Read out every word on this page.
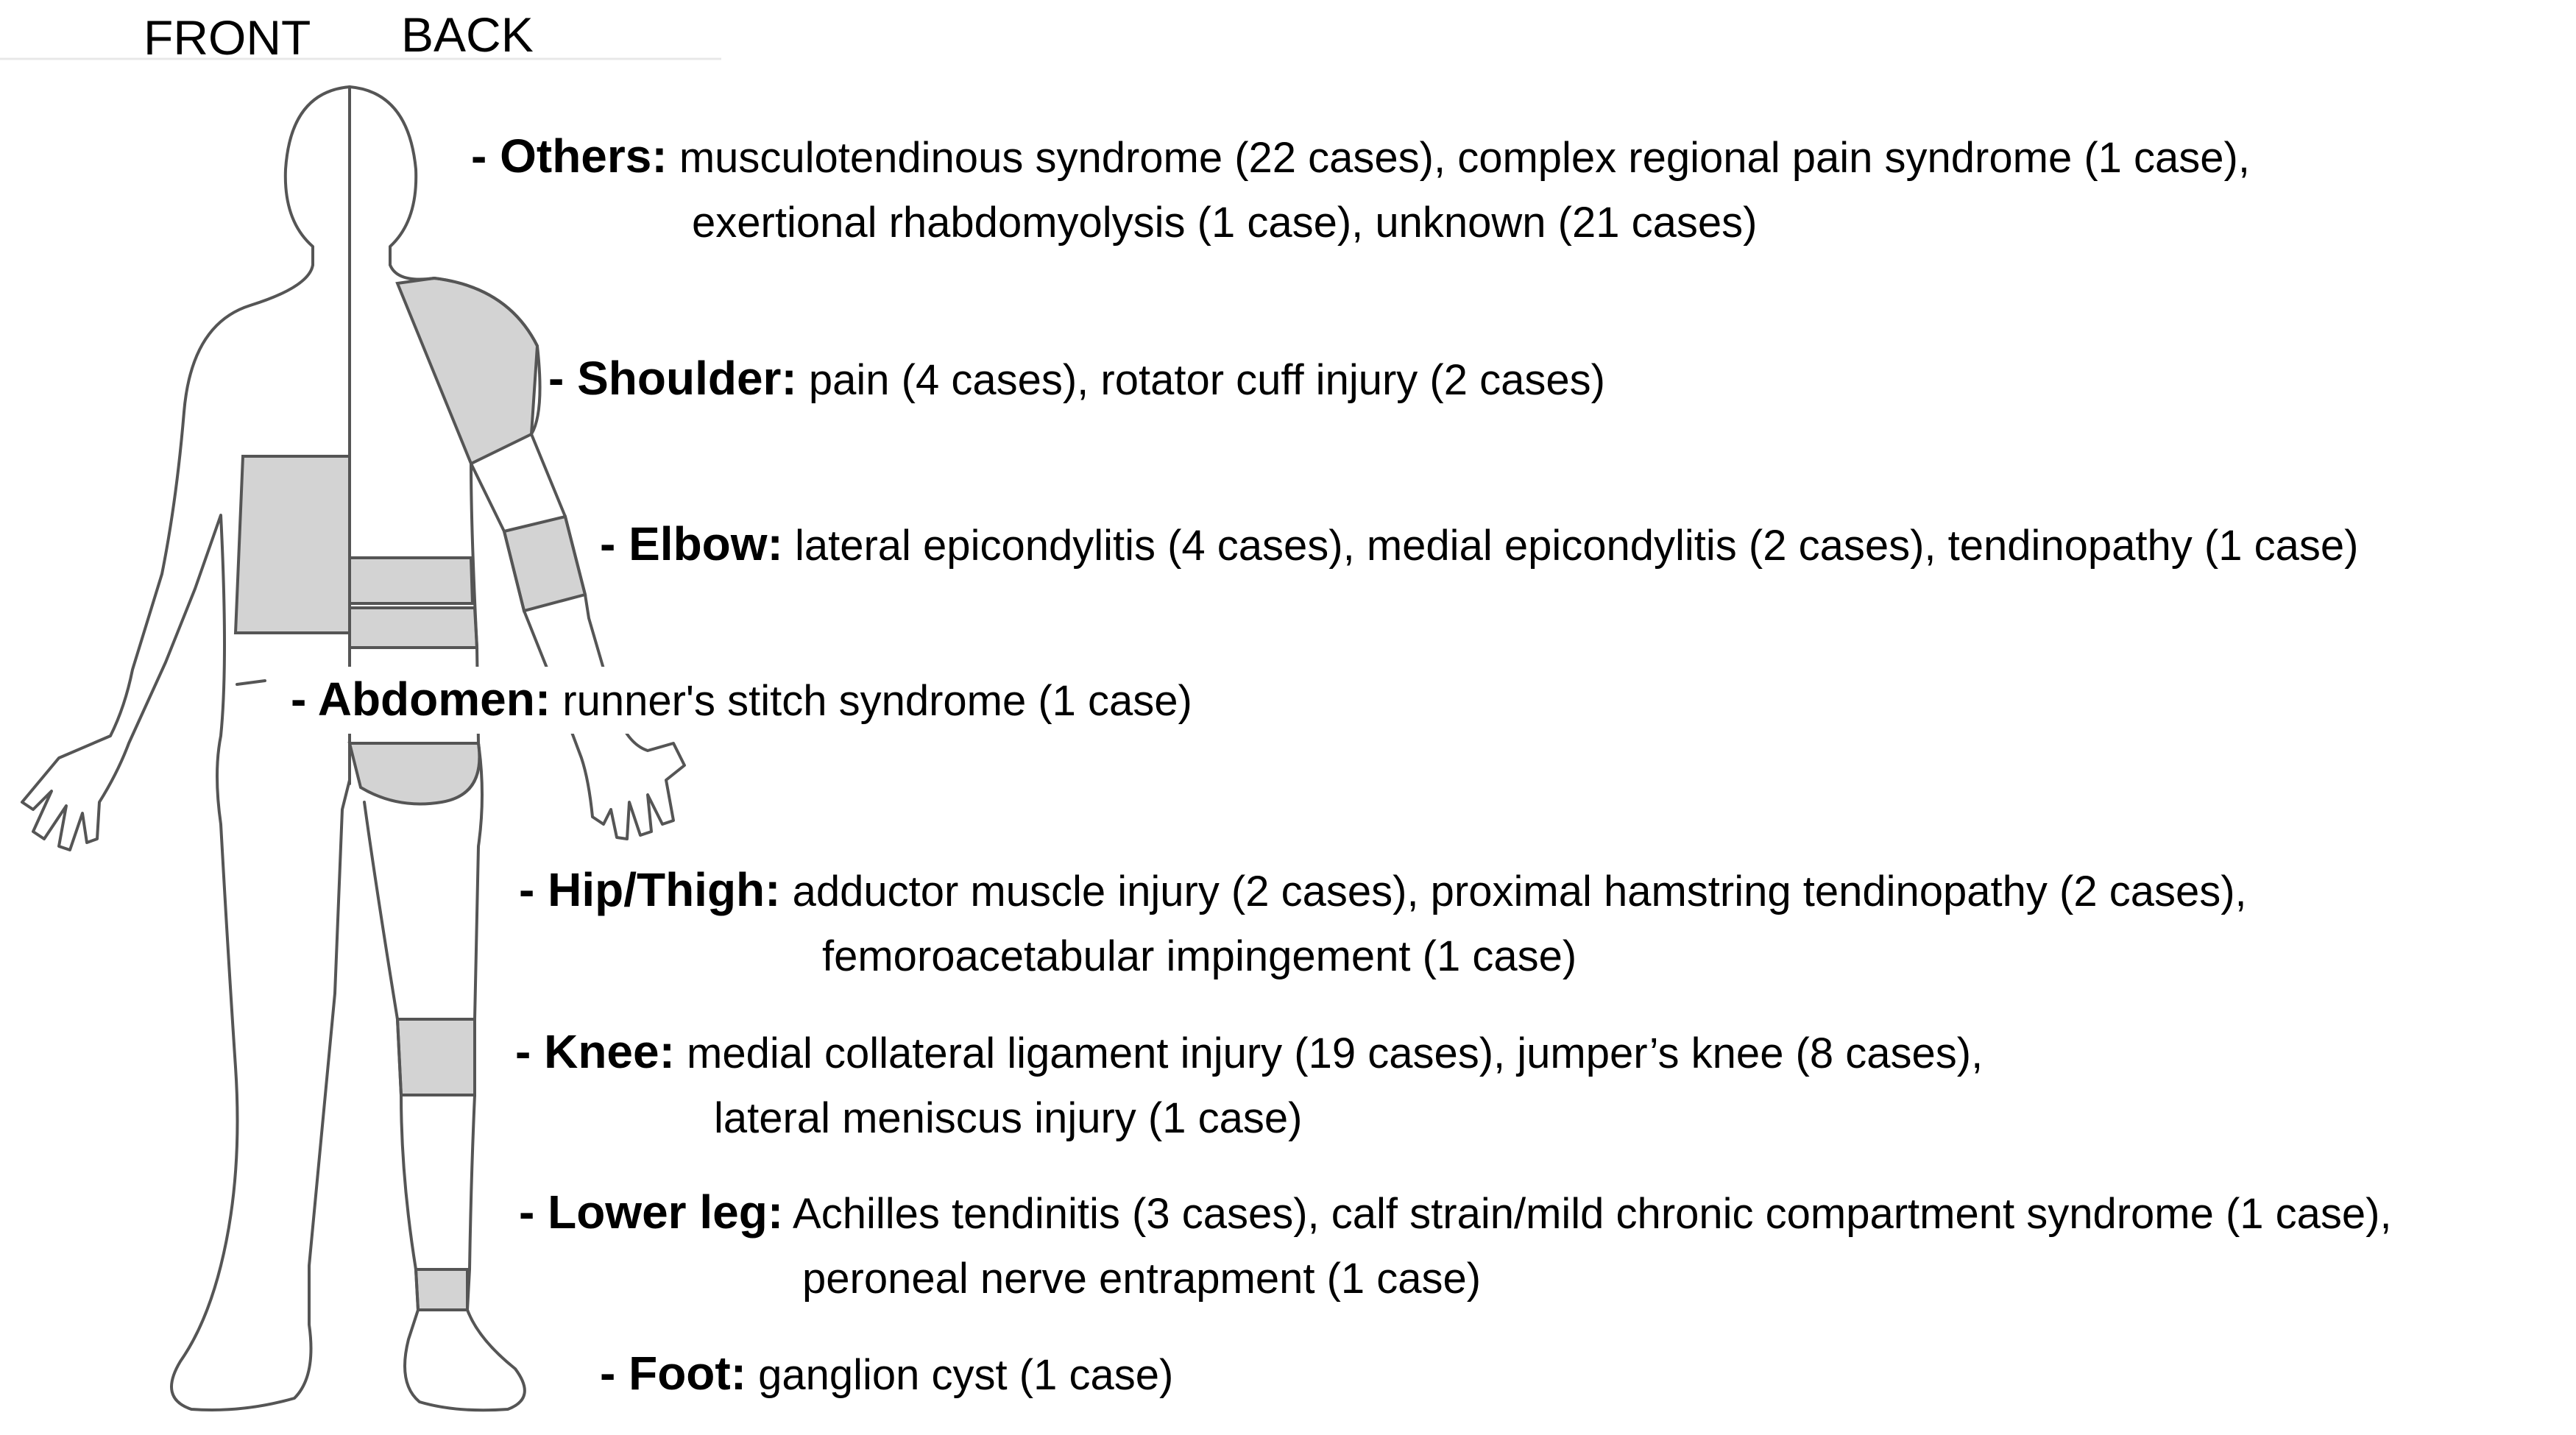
FRONT BACK
- Others: musculotendinous syndrome (22 cases), complex regional pain syndrome (1 case),
exertional rhabdomyolysis (1 case), unknown (21 cases)
- Shoulder: pain (4 cases), rotator cuff injury (2 cases)
- Elbow: lateral epicondylitis (4 cases), medial epicondylitis (2 cases), tendinopathy (1 case)
- Abdomen: runner's stitch syndrome (1 case)
- Hip/Thigh: adductor muscle injury (2 cases), proximal hamstring tendinopathy (2 cases),
femoroacetabular impingement (1 case)
- Knee: medial collateral ligament injury (19 cases), jumper’s knee (8 cases),
lateral meniscus injury (1 case)
- Lower leg: Achilles tendinitis (3 cases), calf strain/mild chronic compartment syndrome (1 case),
peroneal nerve entrapment (1 case)
- Foot: ganglion cyst (1 case)
